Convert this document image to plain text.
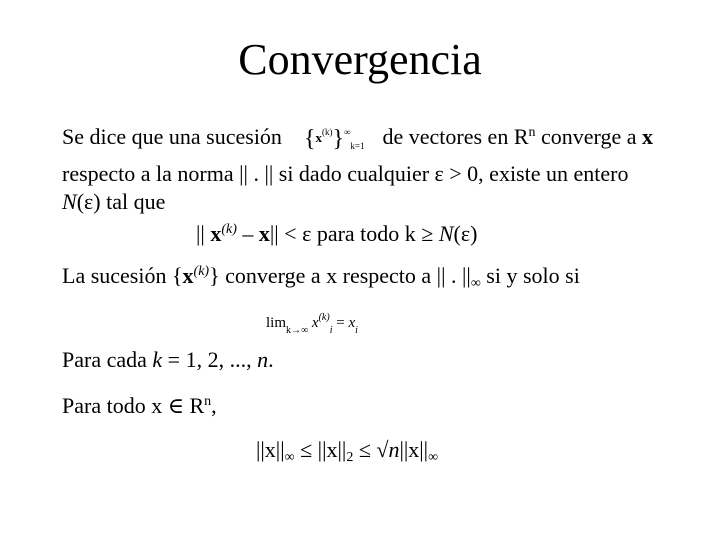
Convergencia
Se dice que una sucesión $\{x^{(k)}\}^\infty_{k=1}$ de vectores en $R^n$ converge a x respecto a la norma || . || si dado cualquier ε > 0, existe un entero N(ε) tal que
|| $x^{(k)} - x|| < \varepsilon$ para todo k ≥ N(ε)
La sucesión $\{x^{(k)}\}$ converge a x respecto a || . $||_\infty$ si y solo si
$\lim_{k\to\infty} x^{(k)}_i = x_i$
Para cada k = 1, 2, ..., n.
Para todo x ∈ $R^n$,
$||x||_\infty \le ||x||_2 \le √n||x||_\infty$
